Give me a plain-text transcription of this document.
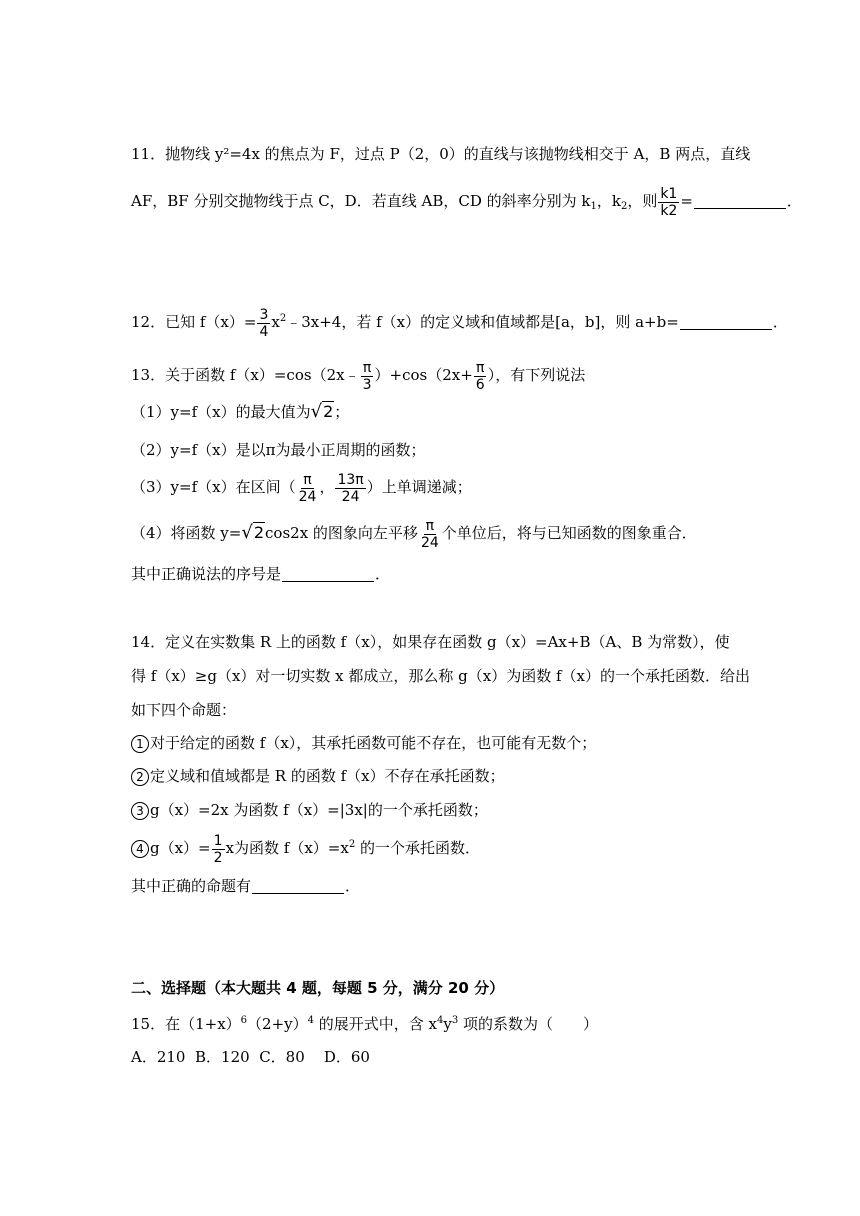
11．抛物线 y²=4x 的焦点为 F，过点 P（2，0）的直线与该抛物线相交于 A，B 两点，直线
AF，BF 分别交抛物线于点 C，D．若直线 AB，CD 的斜率分别为 $k_1$，$k_2$，则 $\frac{k1}{k2}$ =	．
12．已知 $f(x)= \frac{3}{4}$ $x^2﹣3x+4$，若 f（x）的定义域和值域都是[a，b]，则 a+b=	．
13．关于函数 f（x）=cos（2x﹣ $\frac{\pi}{3} )+\cos(2x+ \frac{\pi}{6}$ ），有下列说法
（1）y=f（x）的最大值为√2；
（2）y=f（x）是以π为最小正周期的函数；
（3）y=f（x）在区间（ $\frac{\pi}{24}$ ， $\frac{13\pi}{24}$ ）上单调递减；
（4）将函数 y=√2cos2x 的图象向左平移 $\frac{\pi}{24}$ 个单位后，将与已知函数的图象重合．
其中正确说法的序号是	．
14．定义在实数集 R 上的函数 f（x），如果存在函数 g（x）=Ax+B（A、B 为常数），使
得 f（x）≥g（x）对一切实数 x 都成立，那么称 g（x）为函数 f（x）的一个承托函数．给出
如下四个命题：
1 对于给定的函数 f（x），其承托函数可能不存在，也可能有无数个；
2 定义域和值域都是 R 的函数 f（x）不存在承托函数；
3 g（x）=2x 为函数 f（x）=|3x|的一个承托函数；
4 $g(x)= \frac{1}{2}$ x为函数 $f(x)=x^2$ 的一个承托函数．
其中正确的命题有	．
二、选择题（本大题共 4 题，每题 5 分，满分 20 分）
15．在$(1+x)^6(2+y)^4$ 的展开式中，含 $x^4y^3$ 项的系数为（　　）
A．210  B．120  C．80    D．60
